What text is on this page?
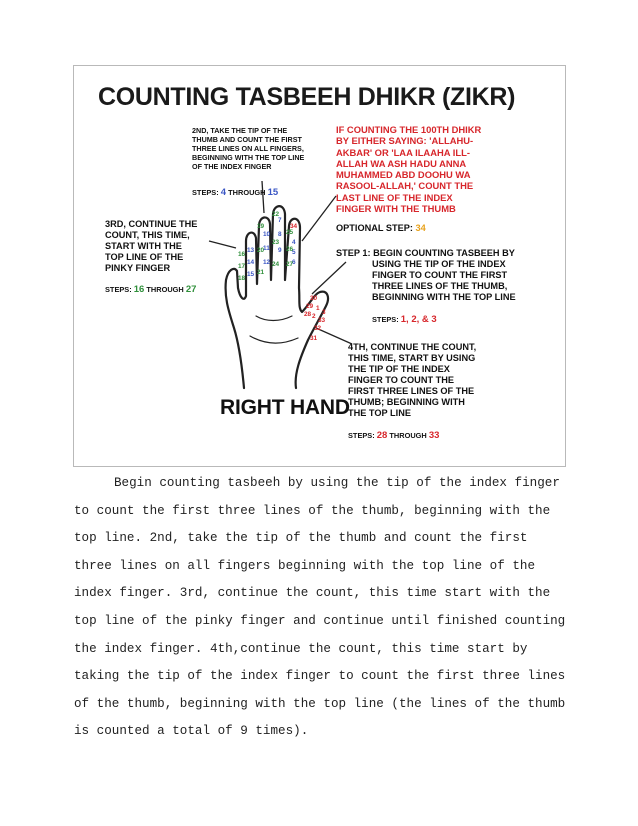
COUNTING TASBEEH DHIKR (ZIKR)
34
4
5
6
25
26
27
7
8
9
22
23
24
10
11
12
19
20
21
13
14
15
16
17
18
30
29
28
33
32
31
1
2
3
2ND, TAKE THE TIP OF THE
THUMB AND COUNT THE FIRST
THREE LINES ON ALL FINGERS,
BEGINNING WITH THE TOP LINE
OF THE INDEX FINGER
STEPS: 4 THROUGH 15
3RD, CONTINUE THE
COUNT, THIS TIME,
START WITH THE
TOP LINE OF THE
PINKY FINGER
STEPS: 16 THROUGH 27
IF COUNTING THE 100TH DHIKR
BY EITHER SAYING: 'ALLAHU-
AKBAR' OR 'LAA ILAAHA ILL-
ALLAH WA ASH HADU ANNA
MUHAMMED ABD DOOHU WA
RASOOL-ALLAH,' COUNT THE
LAST LINE OF THE INDEX
FINGER WITH THE THUMB
OPTIONAL STEP: 34
STEP 1: BEGIN COUNTING TASBEEH BY
USING THE TIP OF THE INDEX
FINGER TO COUNT THE FIRST
THREE LINES OF THE THUMB,
BEGINNING WITH THE TOP LINE
STEPS: 1, 2, & 3
4TH, CONTINUE THE COUNT,
THIS TIME, START BY USING
THE TIP OF THE INDEX
FINGER TO COUNT THE
FIRST THREE LINES OF THE
THUMB; BEGINNING WITH
THE TOP LINE
STEPS: 28 THROUGH 33
RIGHT HAND

Begin counting tasbeeh by using the tip of the index finger to count the first three lines of the thumb, beginning with the top line. 2nd, take the tip of the thumb and count the first three lines on all fingers beginning with the top line of the index finger. 3rd, continue the count, this time start with the top line of the pinky finger and continue until finished counting the index finger. 4th,continue the count, this time start by taking the tip of the index finger to count the first three lines of the thumb, beginning with the top line (the lines of the thumb is counted a total of 9 times).
